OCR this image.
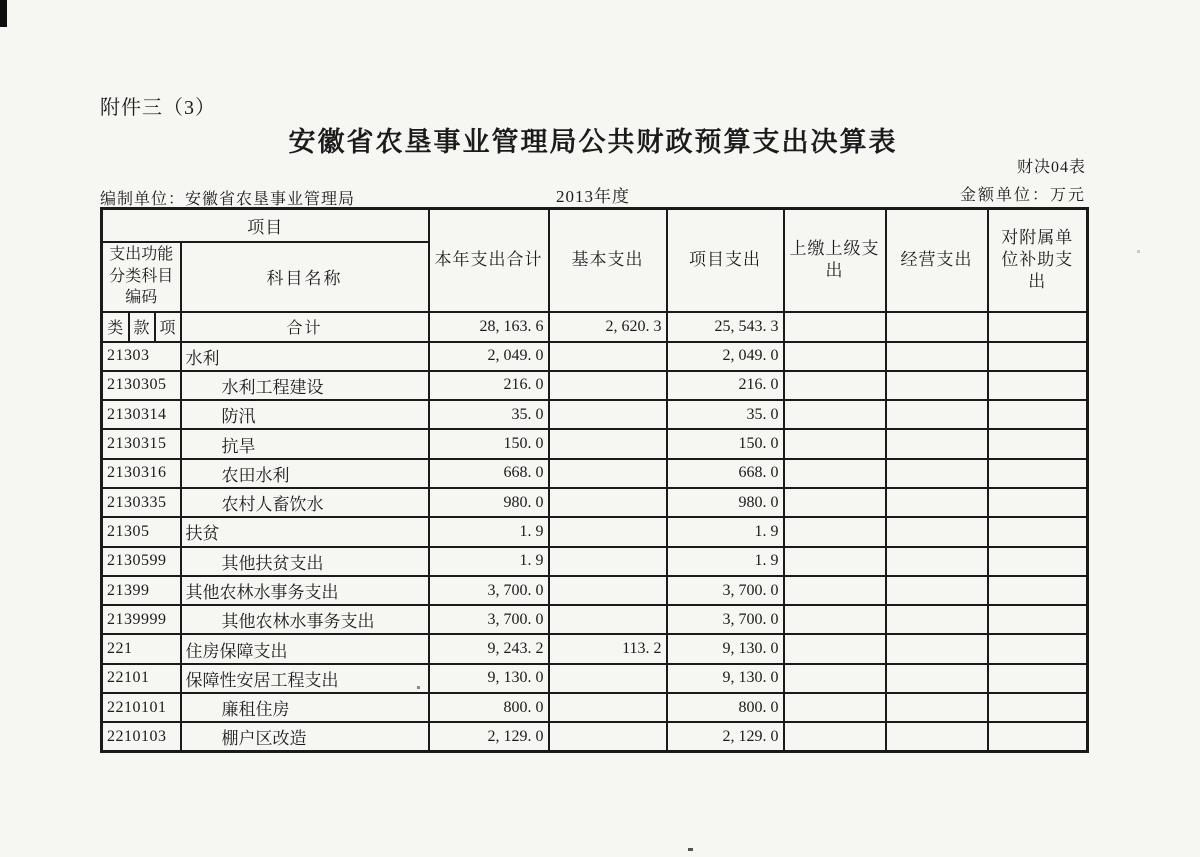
附件三（3）
安徽省农垦事业管理局公共财政预算支出决算表
财决04表
编制单位：安徽省农垦事业管理局	2013年度	金额单位：万元
项目				本年支出合计	基本支出	项目支出	上缴上级支出	经营支出	对附属单位补助支出
支出功能分类科目编码			科目名称						
类	款	项	合计	28, 163. 6	2, 620. 3	25, 543. 3			
21303			水利	2, 049. 0		2, 049. 0			
2130305			水利工程建设	216. 0		216. 0			
2130314			防汛	35. 0		35. 0			
2130315			抗旱	150. 0		150. 0			
2130316			农田水利	668. 0		668. 0			
2130335			农村人畜饮水	980. 0		980. 0			
21305			扶贫	1. 9		1. 9			
2130599			其他扶贫支出	1. 9		1. 9			
21399			其他农林水事务支出	3, 700. 0		3, 700. 0			
2139999			其他农林水事务支出	3, 700. 0		3, 700. 0			
221			住房保障支出	9, 243. 2	113. 2	9, 130. 0			
22101			保障性安居工程支出	9, 130. 0		9, 130. 0			
2210101			廉租住房	800. 0		800. 0			
2210103			棚户区改造	2, 129. 0		2, 129. 0			
